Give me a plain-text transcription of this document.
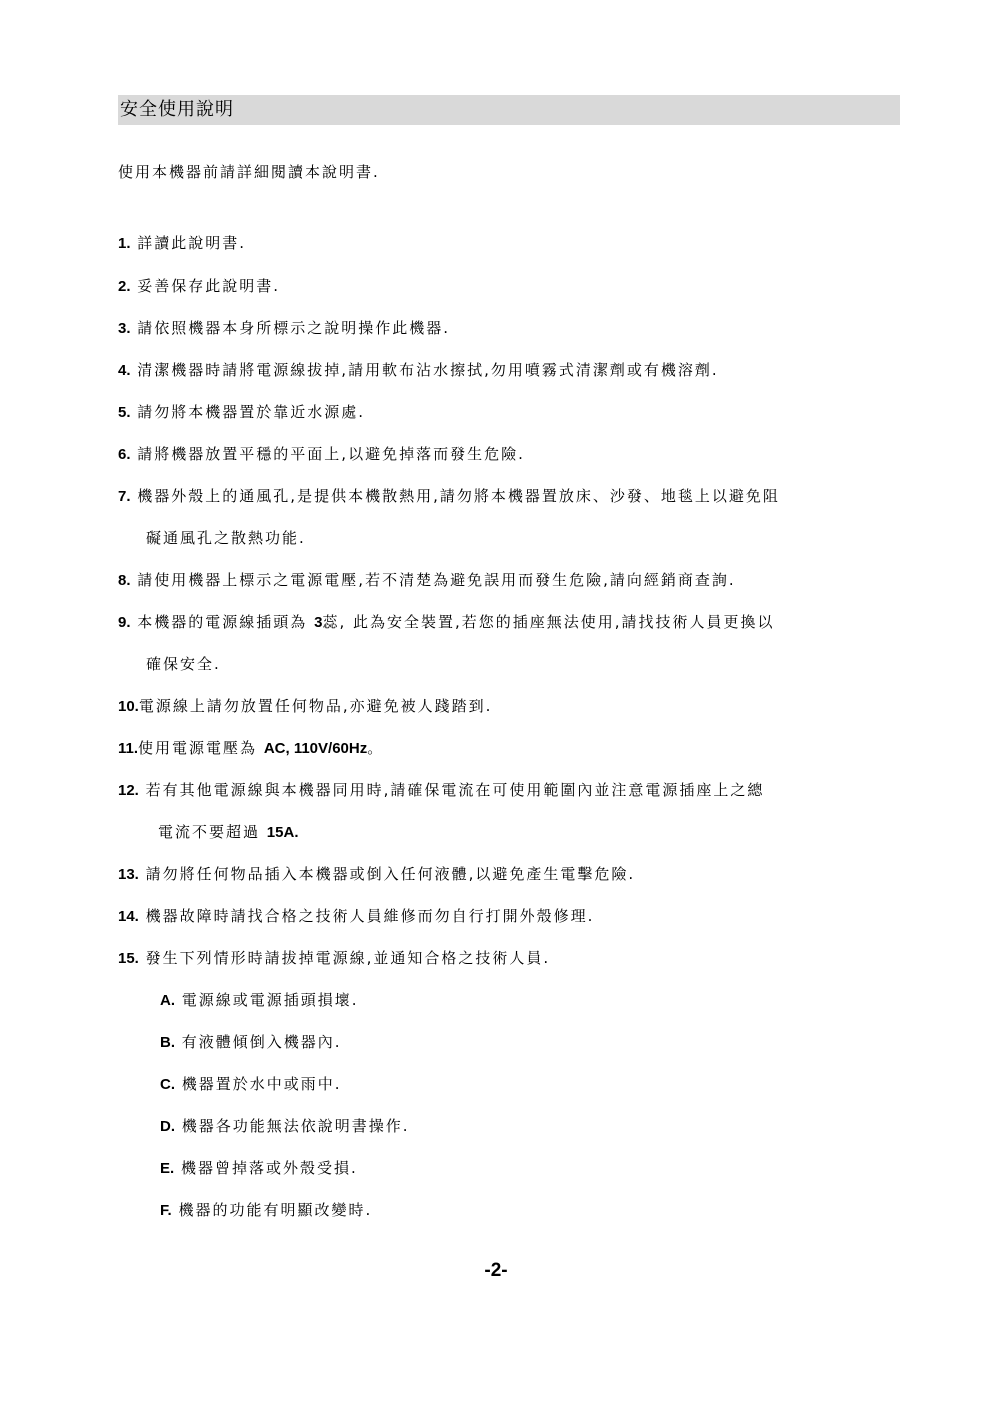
安全使用說明
使用本機器前請詳細閱讀本說明書.
1. 詳讀此說明書.
2. 妥善保存此說明書.
3. 請依照機器本身所標示之說明操作此機器.
4. 清潔機器時請將電源線拔掉,請用軟布沾水擦拭,勿用噴霧式清潔劑或有機溶劑.
5. 請勿將本機器置於靠近水源處.
6. 請將機器放置平穩的平面上,以避免掉落而發生危險.
7. 機器外殼上的通風孔,是提供本機散熱用,請勿將本機器置放床、沙發、地毯上以避免阻
礙通風孔之散熱功能.
8. 請使用機器上標示之電源電壓,若不清楚為避免誤用而發生危險,請向經銷商查詢.
9. 本機器的電源線插頭為 3蕊, 此為安全裝置,若您的插座無法使用,請找技術人員更換以
確保安全.
10.電源線上請勿放置任何物品,亦避免被人踐踏到.
11.使用電源電壓為 AC, 110V/60Hz。
12. 若有其他電源線與本機器同用時,請確保電流在可使用範圍內並注意電源插座上之總
電流不要超過 15A.
13. 請勿將任何物品插入本機器或倒入任何液體,以避免產生電擊危險.
14. 機器故障時請找合格之技術人員維修而勿自行打開外殼修理.
15. 發生下列情形時請拔掉電源線,並通知合格之技術人員.
A. 電源線或電源插頭損壞.
B. 有液體傾倒入機器內.
C. 機器置於水中或雨中.
D. 機器各功能無法依說明書操作.
E. 機器曾掉落或外殼受損.
F. 機器的功能有明顯改變時.
-2-
